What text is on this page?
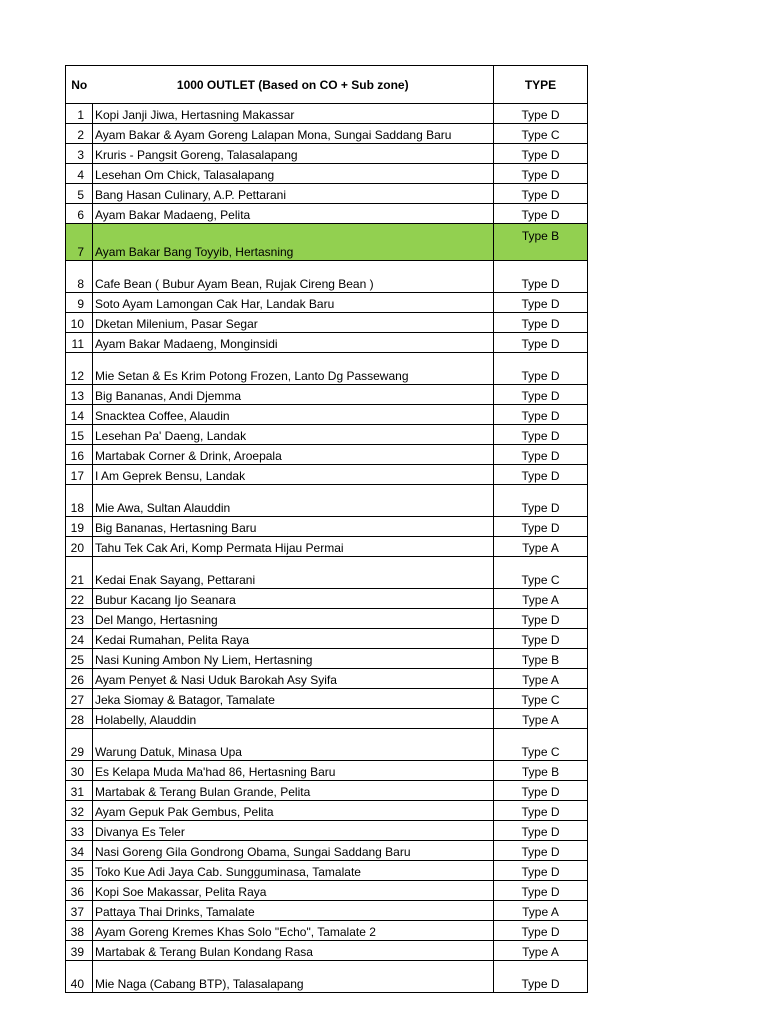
No	1000 OUTLET (Based on CO + Sub zone)	TYPE
1	Kopi Janji Jiwa, Hertasning Makassar	Type D
2	Ayam Bakar & Ayam Goreng Lalapan Mona, Sungai Saddang Baru	Type C
3	Kruris - Pangsit Goreng, Talasalapang	Type D
4	Lesehan Om Chick, Talasalapang	Type D
5	Bang Hasan Culinary, A.P. Pettarani	Type D
6	Ayam Bakar Madaeng, Pelita	Type D
7	Ayam Bakar Bang Toyyib, Hertasning	Type B
8	Cafe Bean ( Bubur Ayam Bean, Rujak Cireng Bean )	Type D
9	Soto Ayam Lamongan Cak Har, Landak Baru	Type D
10	Dketan Milenium, Pasar Segar	Type D
11	Ayam Bakar Madaeng, Monginsidi	Type D
12	Mie Setan & Es Krim Potong Frozen, Lanto Dg Passewang	Type D
13	Big Bananas, Andi Djemma	Type D
14	Snacktea Coffee, Alaudin	Type D
15	Lesehan Pa' Daeng, Landak	Type D
16	Martabak Corner & Drink, Aroepala	Type D
17	I Am Geprek Bensu, Landak	Type D
18	Mie Awa, Sultan Alauddin	Type D
19	Big Bananas, Hertasning Baru	Type D
20	Tahu Tek Cak Ari, Komp Permata Hijau Permai	Type A
21	Kedai Enak Sayang, Pettarani	Type C
22	Bubur Kacang Ijo Seanara	Type A
23	Del Mango, Hertasning	Type D
24	Kedai Rumahan, Pelita Raya	Type D
25	Nasi Kuning Ambon Ny Liem, Hertasning	Type B
26	Ayam Penyet & Nasi Uduk Barokah Asy Syifa	Type A
27	Jeka Siomay & Batagor, Tamalate	Type C
28	Holabelly, Alauddin	Type A
29	Warung Datuk, Minasa Upa	Type C
30	Es Kelapa Muda Ma'had 86, Hertasning Baru	Type B
31	Martabak & Terang Bulan Grande, Pelita	Type D
32	Ayam Gepuk Pak Gembus, Pelita	Type D
33	Divanya Es Teler	Type D
34	Nasi Goreng Gila Gondrong Obama, Sungai Saddang Baru	Type D
35	Toko Kue Adi Jaya Cab. Sungguminasa, Tamalate	Type D
36	Kopi Soe Makassar, Pelita Raya	Type D
37	Pattaya Thai Drinks, Tamalate	Type A
38	Ayam Goreng Kremes Khas Solo "Echo", Tamalate 2	Type D
39	Martabak & Terang Bulan Kondang Rasa	Type A
40	Mie Naga (Cabang BTP), Talasalapang	Type D
